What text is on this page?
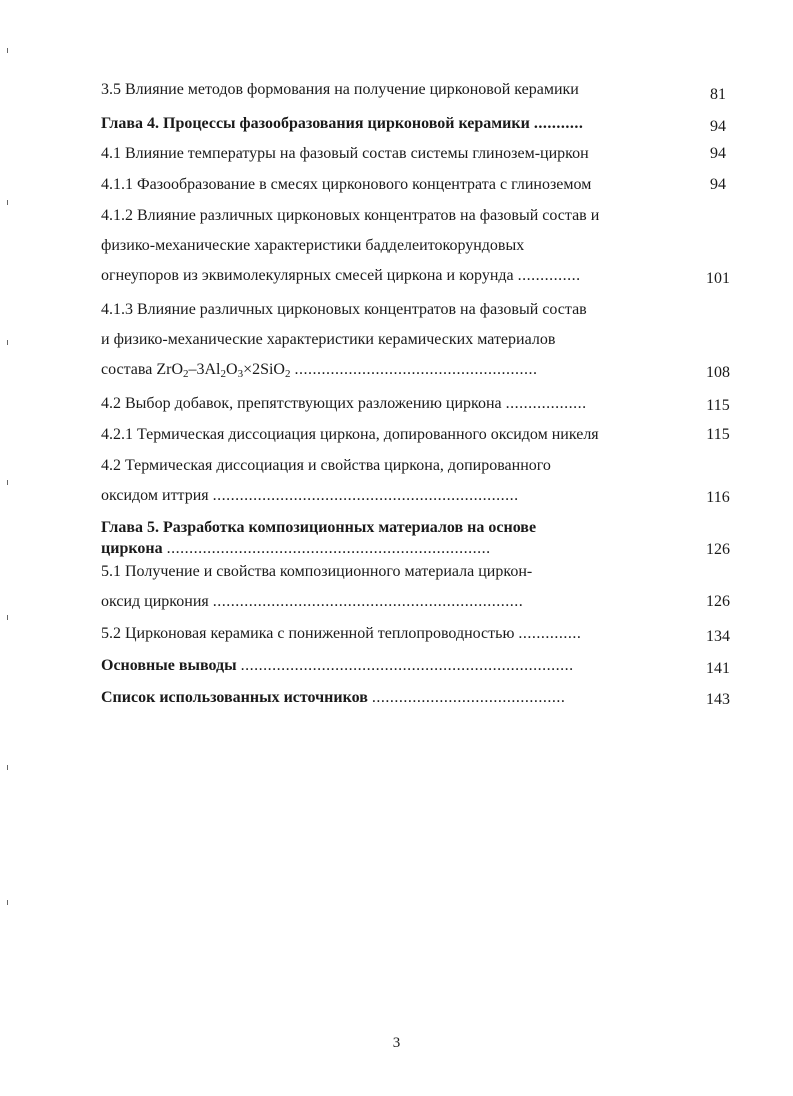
3.5 Влияние методов формования на получение цирконовой керамики	81
Глава 4. Процессы фазообразования цирконовой керамики ...........	94
4.1 Влияние температуры на фазовый состав системы глинозем-циркон	94
4.1.1 Фазообразование в смесях цирконового концентрата с глиноземом	94
4.1.2 Влияние различных цирконовых концентратов на фазовый состав и
физико-механические характеристики бадделеитокорундовых
огнеупоров из эквимолекулярных смесей циркона и корунда ..............	101
4.1.3 Влияние различных цирконовых концентратов на фазовый состав
и физико-механические характеристики керамических материалов
состава $ZrO_2-3Al_2O_3\times 2SiO_2$ ......................................................	108
4.2 Выбор добавок, препятствующих разложению циркона ..................	115
4.2.1 Термическая диссоциация циркона, допированного оксидом никеля	115
4.2 Термическая диссоциация и свойства циркона, допированного
оксидом иттрия ....................................................................	116
Глава 5. Разработка композиционных материалов на основе
циркона ........................................................................	126
5.1 Получение и свойства композиционного материала циркон-
оксид циркония .....................................................................	126
5.2 Цирконовая керамика с пониженной теплопроводностью ..............	134
Основные выводы ..........................................................................	141
Список использованных источников ...........................................	143
3
